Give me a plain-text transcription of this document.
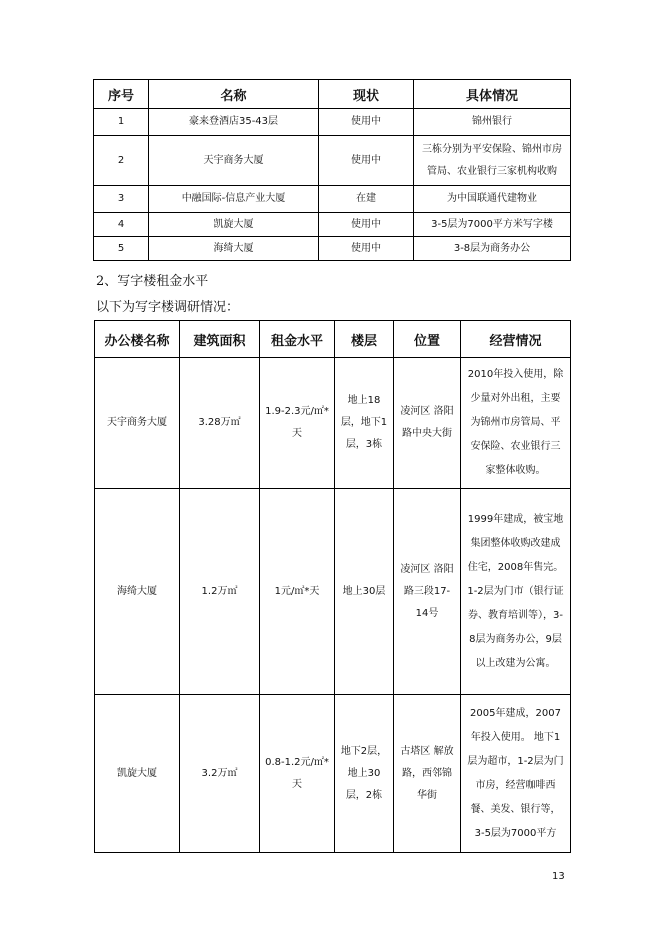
序号	名称	现状	具体情况
1	豪来登酒店35-43层	使用中	锦州银行
2	天宇商务大厦	使用中	三栋分别为平安保险、锦州市房管局、农业银行三家机构收购
3	中融国际-信息产业大厦	在建	为中国联通代建物业
4	凯旋大厦	使用中	3-5层为7000平方米写字楼
5	海绮大厦	使用中	3-8层为商务办公
2、写字楼租金水平
以下为写字楼调研情况：
办公楼名称	建筑面积	租金水平	楼层	位置	经营情况
天宇商务大厦	3.28万㎡	1.9-2.3元/㎡*天	地上18层，地下1层，3栋	凌河区 洛阳路中央大街	2010年投入使用，除少量对外出租，主要为锦州市房管局、平安保险、农业银行三家整体收购。
海绮大厦	1.2万㎡	1元/㎡*天	地上30层	凌河区 洛阳路三段17-14号	1999年建成，被宝地集团整体收购改建成住宅，2008年售完。1-2层为门市（银行证券、教育培训等），3-8层为商务办公，9层以上改建为公寓。
凯旋大厦	3.2万㎡	0.8-1.2元/㎡*天	地下2层，地上30层，2栋	古塔区 解放路，西邻锦华街	2005年建成，2007年投入使用。 地下1层为超市，1-2层为门市房，经营咖啡西餐、美发、银行等，3-5层为7000平方
13
